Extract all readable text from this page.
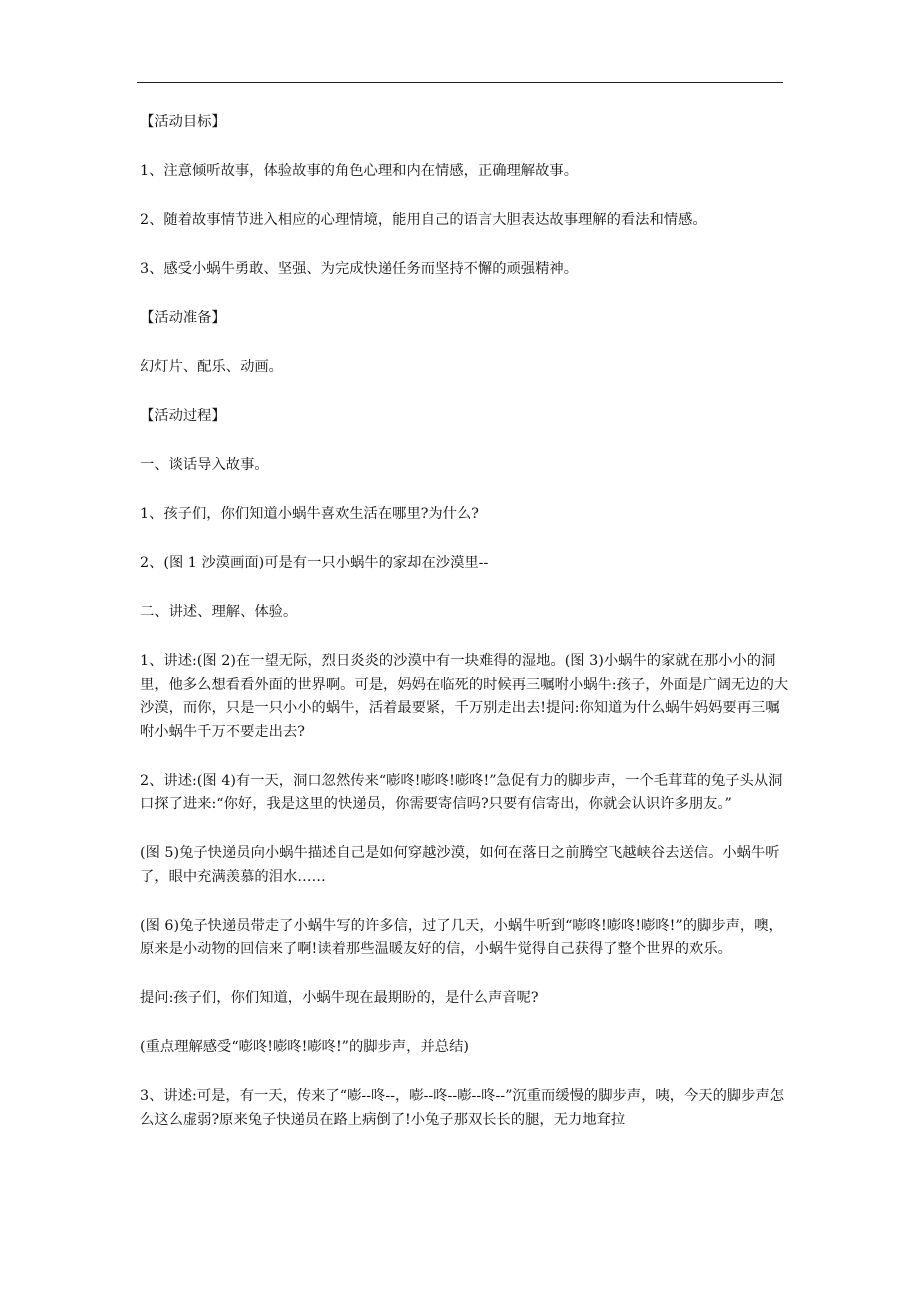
【活动目标】

1、注意倾听故事，体验故事的角色心理和内在情感，正确理解故事。

2、随着故事情节进入相应的心理情境，能用自己的语言大胆表达故事理解的看法和情感。

3、感受小蜗牛勇敢、坚强、为完成快递任务而坚持不懈的顽强精神。

【活动准备】

幻灯片、配乐、动画。

【活动过程】

一、谈话导入故事。

1、孩子们，你们知道小蜗牛喜欢生活在哪里?为什么?

2、(图 1 沙漠画面)可是有一只小蜗牛的家却在沙漠里--

二、讲述、理解、体验。

1、讲述:(图 2)在一望无际，烈日炎炎的沙漠中有一块难得的湿地。(图 3)小蜗牛的家就在那小小的洞里，他多么想看看外面的世界啊。可是，妈妈在临死的时候再三嘱咐小蜗牛:孩子，外面是广阔无边的大沙漠，而你，只是一只小小的蜗牛，活着最要紧，千万别走出去!提问:你知道为什么蜗牛妈妈要再三嘱咐小蜗牛千万不要走出去?

2、讲述:(图 4)有一天，洞口忽然传来“嘭咚!嘭咚!嘭咚!”急促有力的脚步声，一个毛茸茸的兔子头从洞口探了进来:“你好，我是这里的快递员，你需要寄信吗?只要有信寄出，你就会认识许多朋友。”

(图 5)兔子快递员向小蜗牛描述自己是如何穿越沙漠，如何在落日之前腾空飞越峡谷去送信。小蜗牛听了，眼中充满羡慕的泪水……

(图 6)兔子快递员带走了小蜗牛写的许多信，过了几天，小蜗牛听到“嘭咚!嘭咚!嘭咚!”的脚步声，噢，原来是小动物的回信来了啊!读着那些温暖友好的信，小蜗牛觉得自己获得了整个世界的欢乐。

提问:孩子们，你们知道，小蜗牛现在最期盼的，是什么声音呢?

(重点理解感受“嘭咚!嘭咚!嘭咚!”的脚步声，并总结)

3、讲述:可是，有一天，传来了“嘭--咚--，嘭--咚--嘭--咚--”沉重而缓慢的脚步声，咦，今天的脚步声怎么这么虚弱?原来兔子快递员在路上病倒了!小兔子那双长长的腿，无力地耷拉
